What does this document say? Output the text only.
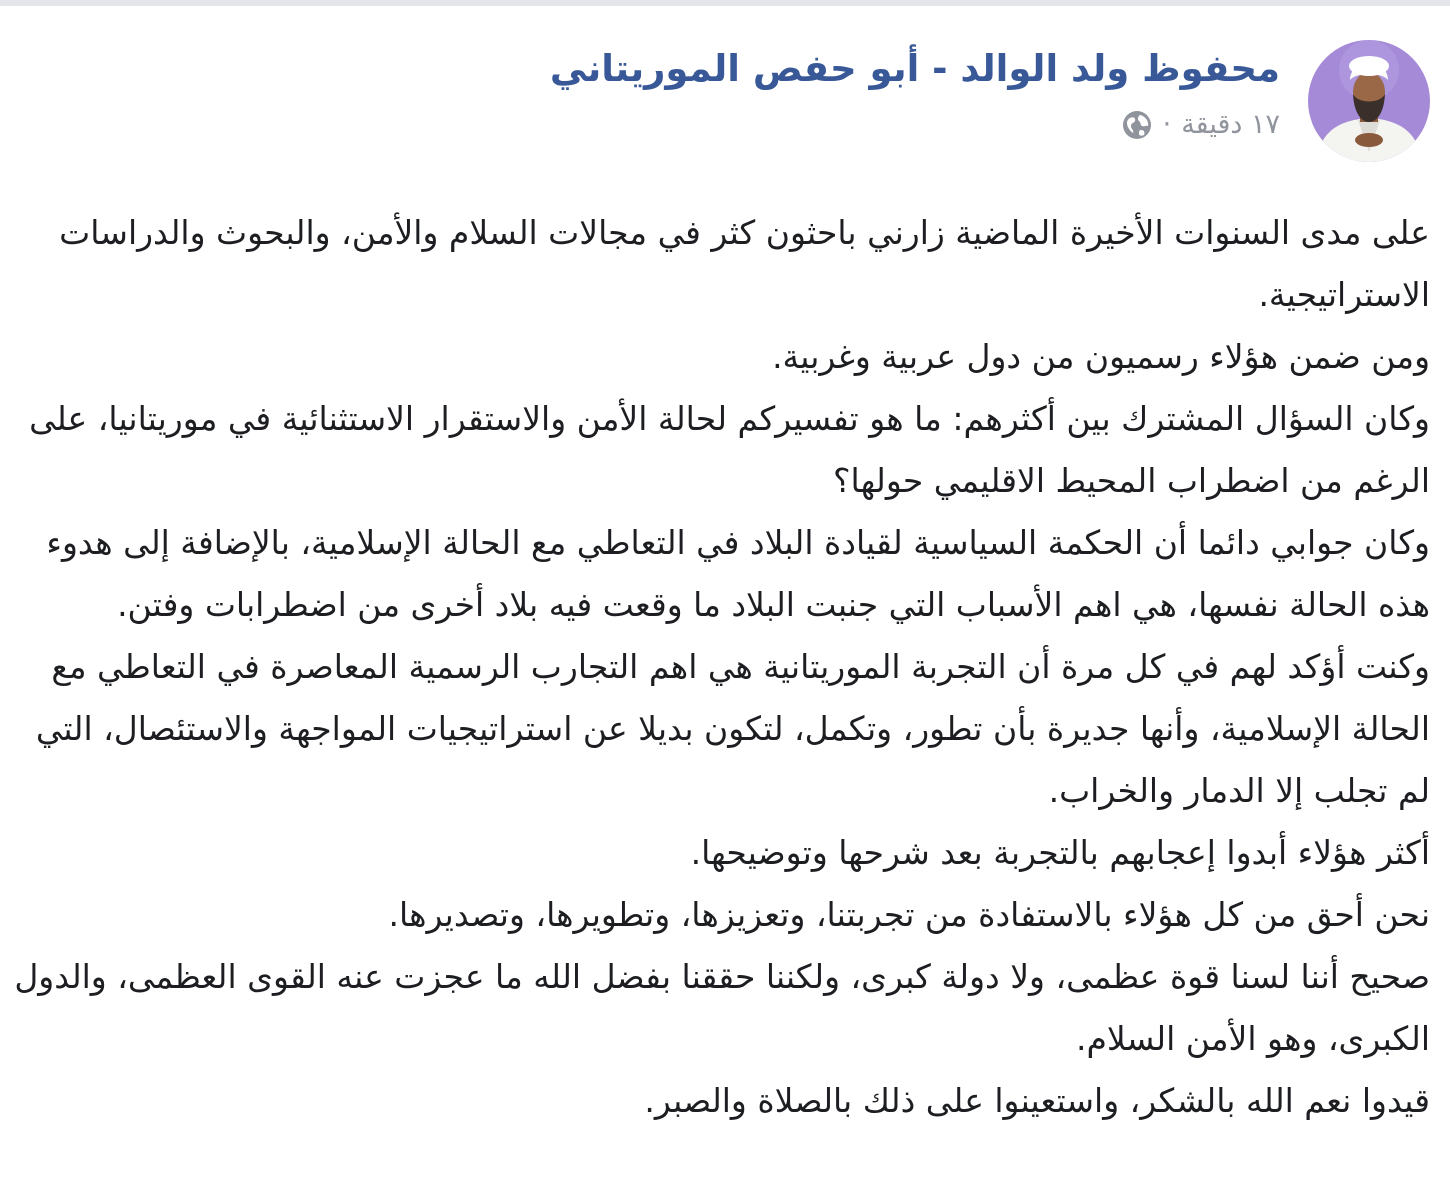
محفوظ ولد الوالد - أبو حفص الموريتاني
١٧ دقيقة
·

على مدى السنوات الأخيرة الماضية زارني باحثون كثر في مجالات السلام والأمن، والبحوث والدراسات الاستراتيجية.

ومن ضمن هؤلاء رسميون من دول عربية وغربية.

وكان السؤال المشترك بين أكثرهم: ما هو تفسيركم لحالة الأمن والاستقرار الاستثنائية في موريتانيا، على الرغم من اضطراب المحيط الاقليمي حولها؟

وكان جوابي دائما أن الحكمة السياسية لقيادة البلاد في التعاطي مع الحالة الإسلامية، بالإضافة إلى هدوء هذه الحالة نفسها، هي اهم الأسباب التي جنبت البلاد ما وقعت فيه بلاد أخرى من اضطرابات وفتن.

وكنت أؤكد لهم في كل مرة أن التجربة الموريتانية هي اهم التجارب الرسمية المعاصرة في التعاطي مع الحالة الإسلامية، وأنها جديرة بأن تطور، وتكمل، لتكون بديلا عن استراتيجيات المواجهة والاستئصال، التي لم تجلب إلا الدمار والخراب.

أكثر هؤلاء أبدوا إعجابهم بالتجربة بعد شرحها وتوضيحها.

نحن أحق من كل هؤلاء بالاستفادة من تجربتنا، وتعزيزها، وتطويرها، وتصديرها.

صحيح أننا لسنا قوة عظمى، ولا دولة كبرى، ولكننا حققنا بفضل الله ما عجزت عنه القوى العظمى، والدول الكبرى، وهو الأمن السلام.

قيدوا نعم الله بالشكر، واستعينوا على ذلك بالصلاة والصبر.
